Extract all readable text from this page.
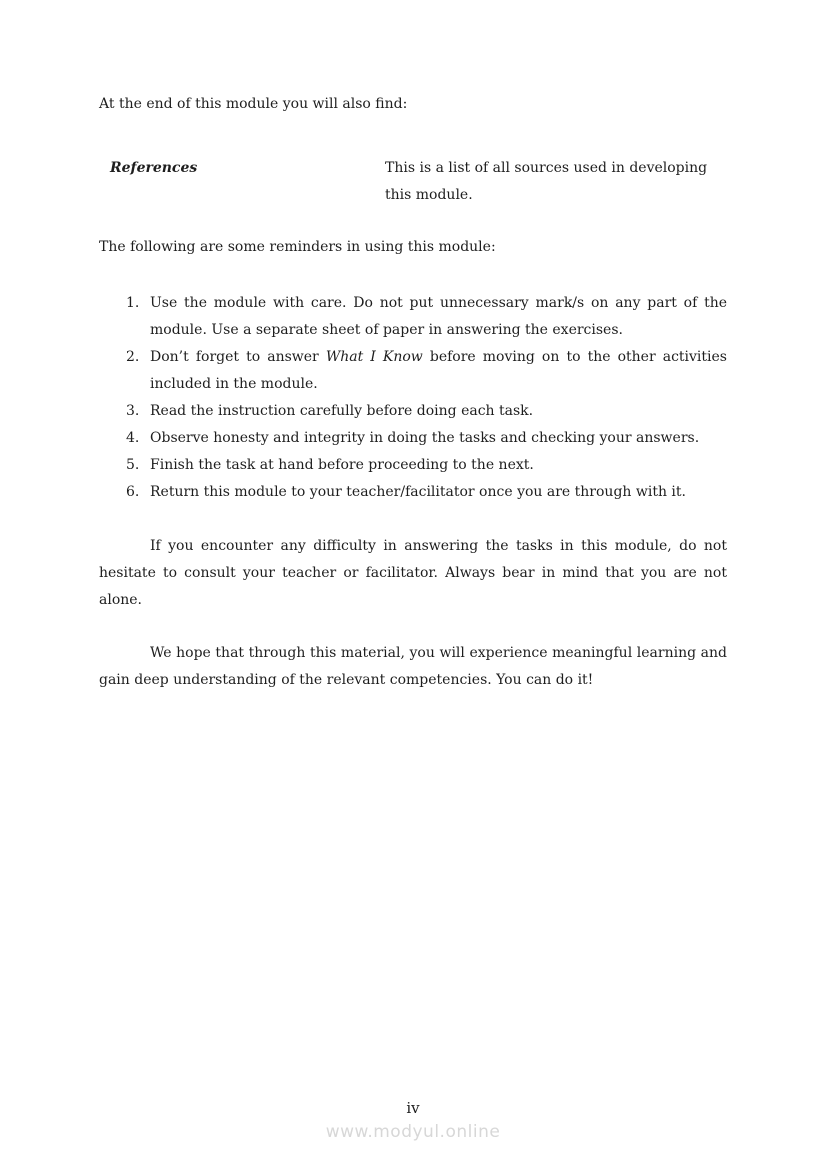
At the end of this module you will also find:

References	This is a list of all sources used in developing this module.

The following are some reminders in using this module:

1. Use the module with care. Do not put unnecessary mark/s on any part of the module. Use a separate sheet of paper in answering the exercises.
2. Don’t forget to answer What I Know before moving on to the other activities included in the module.
3. Read the instruction carefully before doing each task.
4. Observe honesty and integrity in doing the tasks and checking your answers.
5. Finish the task at hand before proceeding to the next.
6. Return this module to your teacher/facilitator once you are through with it.

If you encounter any difficulty in answering the tasks in this module, do not hesitate to consult your teacher or facilitator. Always bear in mind that you are not alone.

We hope that through this material, you will experience meaningful learning and gain deep understanding of the relevant competencies. You can do it!

iv
www.modyul.online
